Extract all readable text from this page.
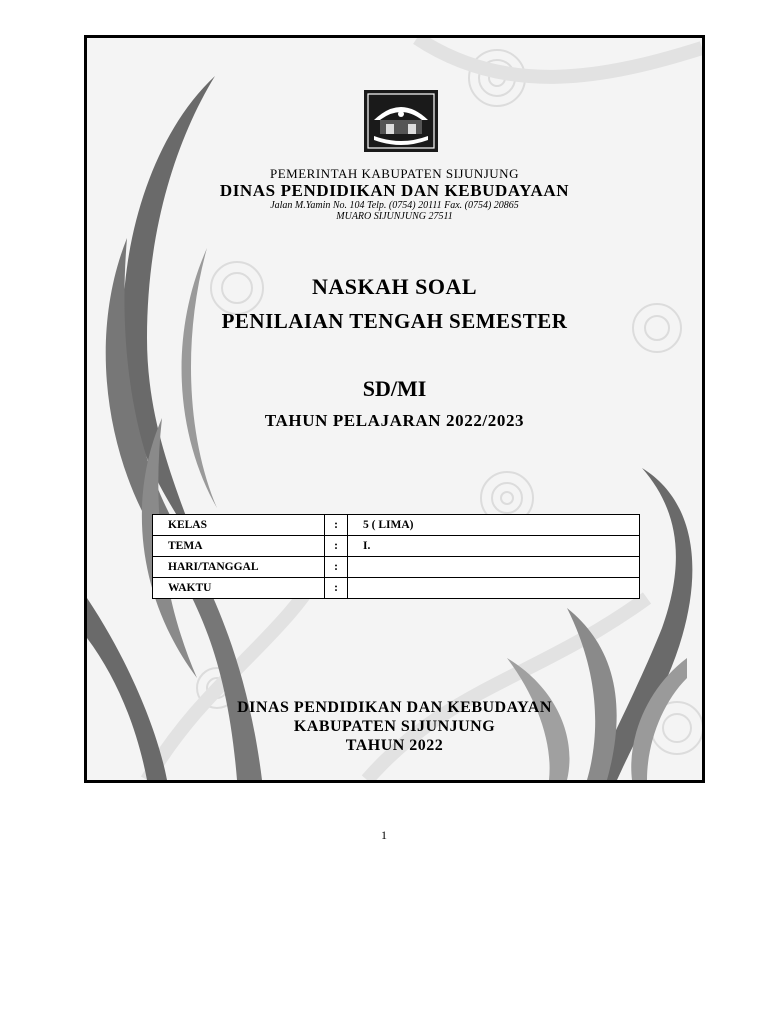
PEMERINTAH KABUPATEN SIJUNJUNG
DINAS PENDIDIKAN DAN KEBUDAYAAN
Jalan M.Yamin No. 104 Telp. (0754) 20111 Fax. (0754) 20865
MUARO SIJUNJUNG 27511
NASKAH SOAL
PENILAIAN TENGAH SEMESTER
SD/MI
TAHUN PELAJARAN 2022/2023
KELAS	:	5 ( LIMA)
TEMA	:	I.
HARI/TANGGAL	:	
WAKTU	:	
DINAS PENDIDIKAN DAN KEBUDAYAN
KABUPATEN SIJUNJUNG
TAHUN 2022
1
